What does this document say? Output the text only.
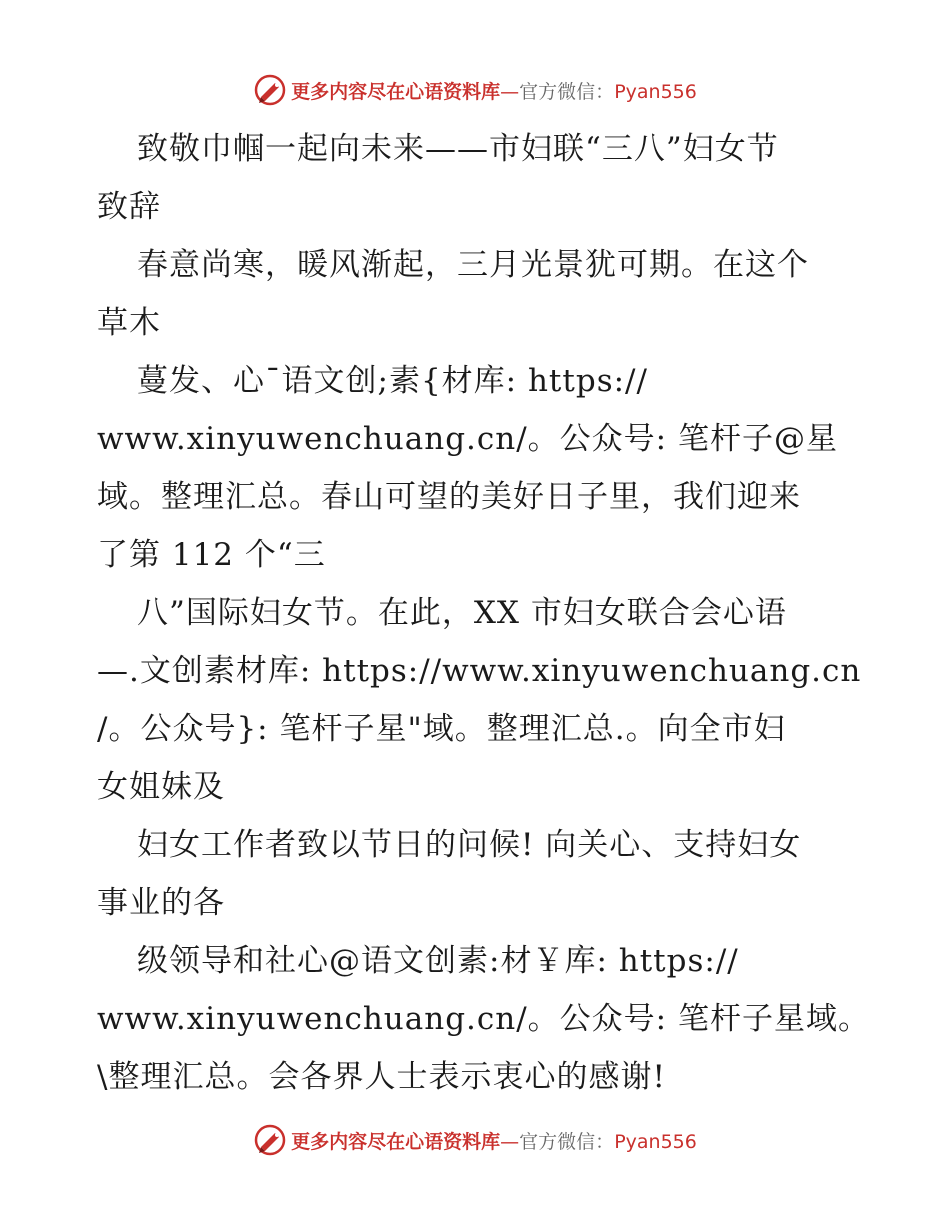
更多内容尽在心语资料库—官方微信：Pyan556
致敬巾帼一起向未来——市妇联“三八”妇女节
致辞
春意尚寒，暖风渐起，三月光景犹可期。在这个
草木
蔓发、心¯语文创;素{材库: https://
www.xinyuwenchuang.cn/。公众号: 笔杆子@星
域。整理汇总。春山可望的美好日子里，我们迎来
了第 112 个“三
八”国际妇女节。在此，XX 市妇女联合会心语
—.文创素材库: https://www.xinyuwenchuang.cn
/。公众号}: 笔杆子星"域。整理汇总.。向全市妇
女姐妹及
妇女工作者致以节日的问候! 向关心、支持妇女
事业的各
级领导和社心@语文创素:材￥库: https://
www.xinyuwenchuang.cn/。公众号: 笔杆子星域。
\整理汇总。会各界人士表示衷心的感谢!
更多内容尽在心语资料库—官方微信：Pyan556
